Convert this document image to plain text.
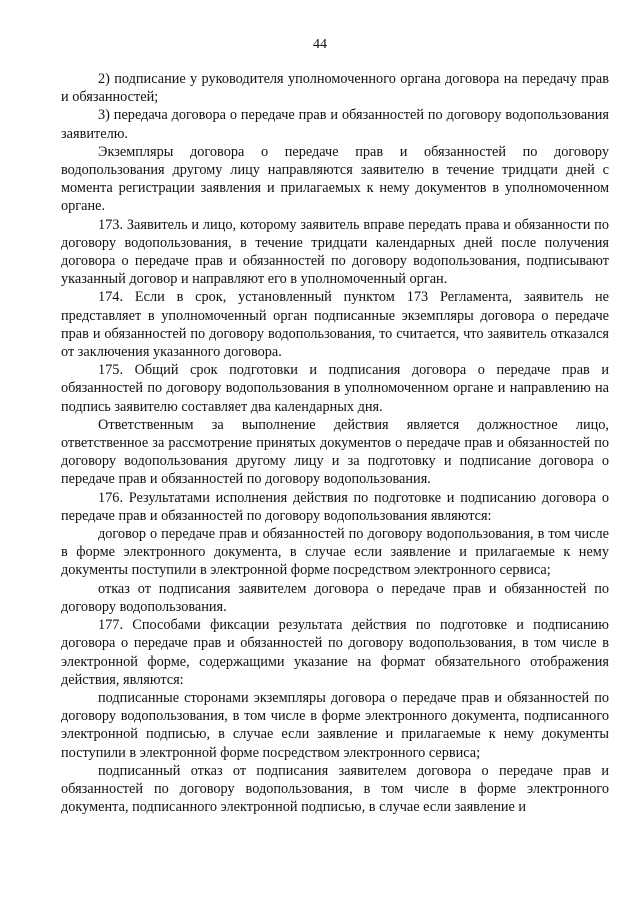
44

2) подписание у руководителя уполномоченного органа договора на передачу прав и обязанностей;

3) передача договора о передаче прав и обязанностей по договору водопользования заявителю.

Экземпляры договора о передаче прав и обязанностей по договору водопользования другому лицу направляются заявителю в течение тридцати дней с момента регистрации заявления и прилагаемых к нему документов в уполномоченном органе.

173. Заявитель и лицо, которому заявитель вправе передать права и обязанности по договору водопользования, в течение тридцати календарных дней после получения договора о передаче прав и обязанностей по договору водопользования, подписывают указанный договор и направляют его в уполномоченный орган.

174. Если в срок, установленный пунктом 173 Регламента, заявитель не представляет в уполномоченный орган подписанные экземпляры договора о передаче прав и обязанностей по договору водопользования, то считается, что заявитель отказался от заключения указанного договора.

175. Общий срок подготовки и подписания договора о передаче прав и обязанностей по договору водопользования в уполномоченном органе и направлению на подпись заявителю составляет два календарных дня.

Ответственным за выполнение действия является должностное лицо, ответственное за рассмотрение принятых документов о передаче прав и обязанностей по договору водопользования другому лицу и за подготовку и подписание договора о передаче прав и обязанностей по договору водопользования.

176. Результатами исполнения действия по подготовке и подписанию договора о передаче прав и обязанностей по договору водопользования являются:

договор о передаче прав и обязанностей по договору водопользования, в том числе в форме электронного документа, в случае если заявление и прилагаемые к нему документы поступили в электронной форме посредством электронного сервиса;

отказ от подписания заявителем договора о передаче прав и обязанностей по договору водопользования.

177. Способами фиксации результата действия по подготовке и подписанию договора о передаче прав и обязанностей по договору водопользования, в том числе в электронной форме, содержащими указание на формат обязательного отображения действия, являются:

подписанные сторонами экземпляры договора о передаче прав и обязанностей по договору водопользования, в том числе в форме электронного документа, подписанного электронной подписью, в случае если заявление и прилагаемые к нему документы поступили в электронной форме посредством электронного сервиса;

подписанный отказ от подписания заявителем договора о передаче прав и обязанностей по договору водопользования, в том числе в форме электронного документа, подписанного электронной подписью, в случае если заявление и
